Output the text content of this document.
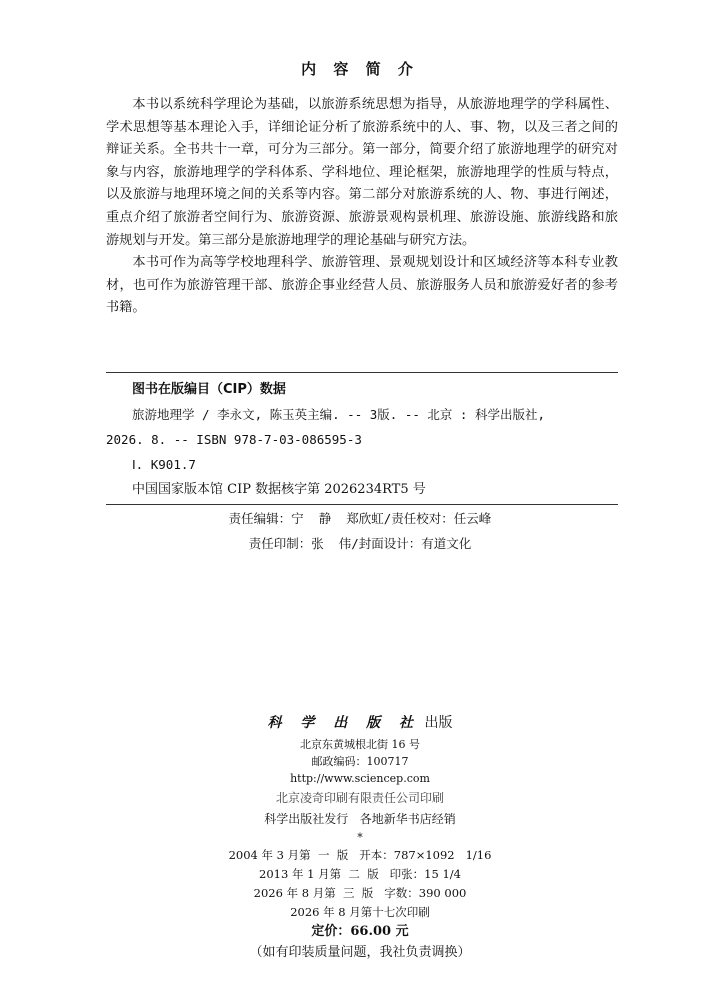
内 容 简 介

本书以系统科学理论为基础，以旅游系统思想为指导，从旅游地理学的学科属性、学术思想等基本理论入手，详细论证分析了旅游系统中的人、事、物，以及三者之间的辩证关系。全书共十一章，可分为三部分。第一部分，简要介绍了旅游地理学的研究对象与内容，旅游地理学的学科体系、学科地位、理论框架，旅游地理学的性质与特点，以及旅游与地理环境之间的关系等内容。第二部分对旅游系统的人、物、事进行阐述，重点介绍了旅游者空间行为、旅游资源、旅游景观构景机理、旅游设施、旅游线路和旅游规划与开发。第三部分是旅游地理学的理论基础与研究方法。

本书可作为高等学校地理科学、旅游管理、景观规划设计和区域经济等本科专业教材，也可作为旅游管理干部、旅游企事业经营人员、旅游服务人员和旅游爱好者的参考书籍。

图书在版编目（CIP）数据
旅游地理学 / 李永文, 陈玉英主编. -- 3版. -- 北京 : 科学出版社,
2026. 8. -- ISBN 978-7-03-086595-3
Ⅰ. K901.7
中国国家版本馆 CIP 数据核字第 2026234RT5 号
责任编辑：宁  静  郑欣虹/责任校对：任云峰
责任印制：张  伟/封面设计：有道文化
科 学 出 版 社 出版
北京东黄城根北街 16 号
邮政编码：100717
http://www.sciencep.com
北京凌奇印刷有限责任公司印刷
科学出版社发行   各地新华书店经销
*
2004 年 3 月第  一  版   开本：787×1092   1/16
2013 年 1 月第  二  版   印张：15 1/4
2026 年 8 月第  三  版   字数：390 000
2026 年 8 月第十七次印刷
定价：66.00 元
（如有印装质量问题，我社负责调换）
